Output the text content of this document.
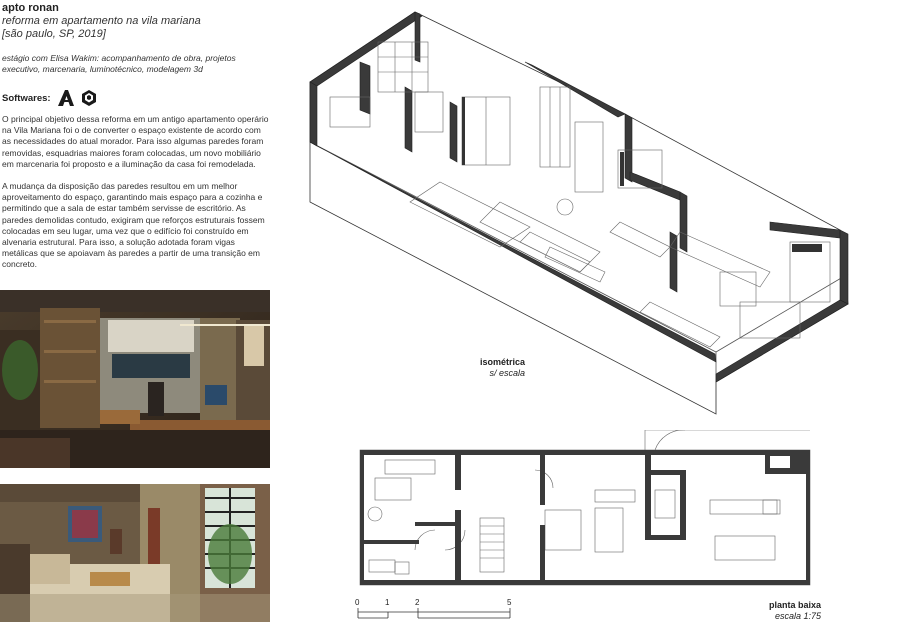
apto ronan

reforma em apartamento na vila mariana

[são paulo, SP, 2019]

estágio com Elisa Wakim: acompanhamento de obra, projetos executivo, marcenaria, luminotécnico, modelagem 3d
Softwares:
O principal objetivo dessa reforma em um antigo apartamento operário na Vila Mariana foi o de converter o espaço existente de acordo com as necessidades do atual morador. Para isso algumas paredes foram removidas, esquadrias maiores foram colocadas, um novo mobiliário em marcenaria foi proposto e a iluminação da casa foi remodelada.
A mudança da disposição das paredes resultou em um melhor aproveitamento do espaço, garantindo mais espaço para a cozinha e permitindo que a sala de estar também servisse de escritório. As paredes demolidas contudo, exigiram que reforços estruturais fossem colocadas em seu lugar, uma vez que o edifício foi construído em alvenaria estrutural. Para isso, a solução adotada foram vigas metálicas que se apoiavam às paredes a partir de uma transição em concreto.
isométrica
s/ escala
0	1	2	5	planta baixa
escala 1:75
